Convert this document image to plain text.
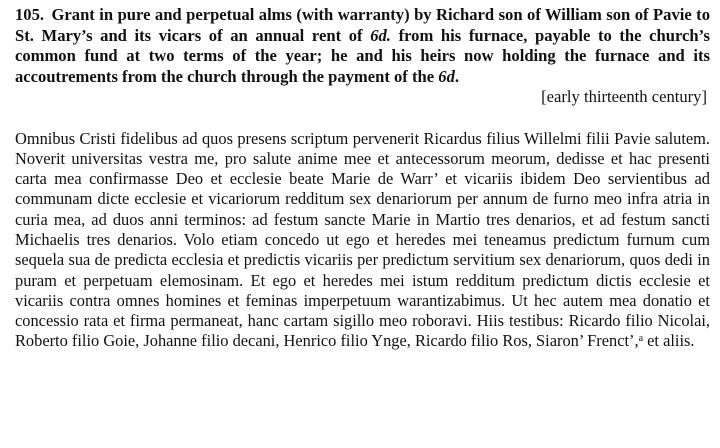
105. Grant in pure and perpetual alms (with warranty) by Richard son of William son of Pavie to St. Mary’s and its vicars of an annual rent of 6d. from his furnace, payable to the church’s common fund at two terms of the year; he and his heirs now holding the furnace and its accoutrements from the church through the payment of the 6d.

[early thirteenth century]

Omnibus Cristi fidelibus ad quos presens scriptum pervenerit Ricardus filius Willelmi filii Pavie salutem. Noverit universitas vestra me, pro salute anime mee et antecessorum meorum, dedisse et hac presenti carta mea confirmasse Deo et ecclesie beate Marie de Warr’ et vicariis ibidem Deo servientibus ad communam dicte ecclesie et vicariorum redditum sex denariorum per annum de furno meo infra atria in curia mea, ad duos anni terminos: ad festum sancte Marie in Martio tres denarios, et ad festum sancti Michaelis tres denarios. Volo etiam concedo ut ego et heredes mei teneamus predictum furnum cum sequela sua de predicta ecclesia et predictis vicariis per predictum servitium sex denariorum, quos dedi in puram et perpetuam elemosinam. Et ego et heredes mei istum redditum predictum dictis ecclesie et vicariis contra omnes homines et feminas imperpetuum warantizabimus. Ut hec autem mea donatio et concessio rata et firma permaneat, hanc cartam sigillo meo roboravi. Hiis testibus: Ricardo filio Nicolai, Roberto filio Goie, Johanne filio decani, Henrico filio Ynge, Ricardo filio Ros, Siaron’ Frenct’,$^a$ et aliis.
